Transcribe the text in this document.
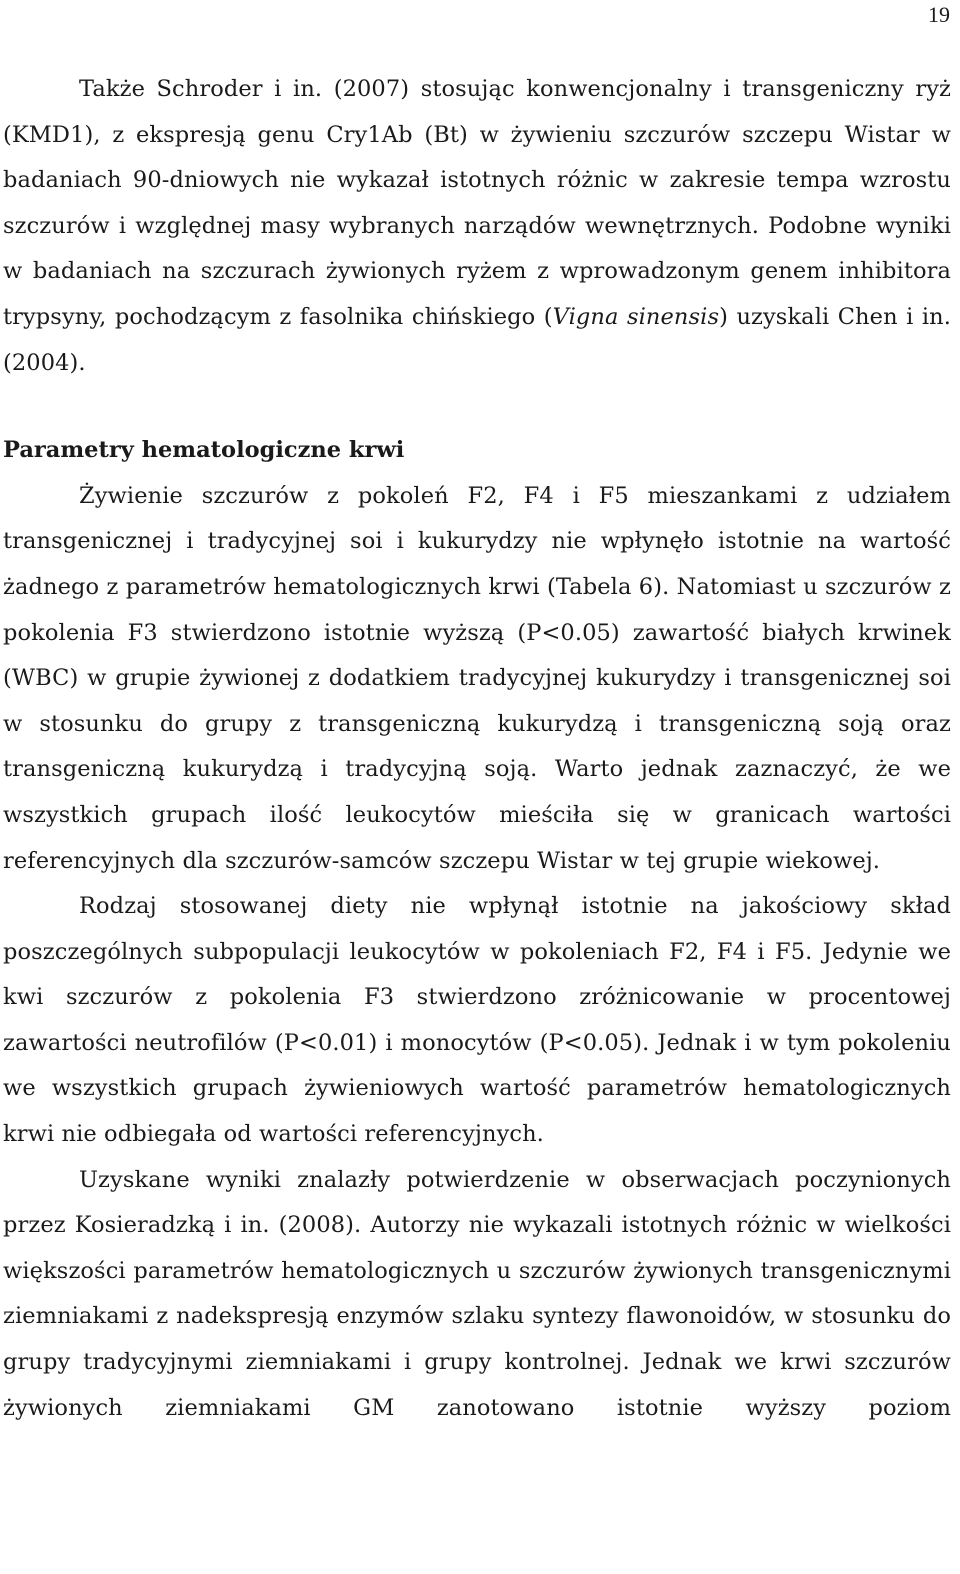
19

Także Schroder i in. (2007) stosując konwencjonalny i transgeniczny ryż (KMD1), z ekspresją genu Cry1Ab (Bt) w żywieniu szczurów szczepu Wistar w badaniach 90-dniowych nie wykazał istotnych różnic w zakresie tempa wzrostu szczurów i względnej masy wybranych narządów wewnętrznych. Podobne wyniki w badaniach na szczurach żywionych ryżem z wprowadzonym genem inhibitora trypsyny, pochodzącym z fasolnika chińskiego (Vigna sinensis) uzyskali Chen i in. (2004).

Parametry hematologiczne krwi

Żywienie szczurów z pokoleń F2, F4 i F5 mieszankami z udziałem transgenicznej i tradycyjnej soi i kukurydzy nie wpłynęło istotnie na wartość żadnego z parametrów hematologicznych krwi (Tabela 6). Natomiast u szczurów z pokolenia F3 stwierdzono istotnie wyższą (P<0.05) zawartość białych krwinek (WBC) w grupie żywionej z dodatkiem tradycyjnej kukurydzy i transgenicznej soi w stosunku do grupy z transgeniczną kukurydzą i transgeniczną soją oraz transgeniczną kukurydzą i tradycyjną soją. Warto jednak zaznaczyć, że we wszystkich grupach ilość leukocytów mieściła się w granicach wartości referencyjnych dla szczurów-samców szczepu Wistar w tej grupie wiekowej.

Rodzaj stosowanej diety nie wpłynął istotnie na jakościowy skład poszczególnych subpopulacji leukocytów w pokoleniach F2, F4 i F5. Jedynie we kwi szczurów z pokolenia F3 stwierdzono zróżnicowanie w procentowej zawartości neutrofilów (P<0.01) i monocytów (P<0.05). Jednak i w tym pokoleniu we wszystkich grupach żywieniowych wartość parametrów hematologicznych krwi nie odbiegała od wartości referencyjnych.

Uzyskane wyniki znalazły potwierdzenie w obserwacjach poczynionych przez Kosieradzką i in. (2008). Autorzy nie wykazali istotnych różnic w wielkości większości parametrów hematologicznych u szczurów żywionych transgenicznymi ziemniakami z nadekspresją enzymów szlaku syntezy flawonoidów, w stosunku do grupy tradycyjnymi ziemniakami i grupy kontrolnej. Jednak we krwi szczurów żywionych ziemniakami GM zanotowano istotnie wyższy poziom
